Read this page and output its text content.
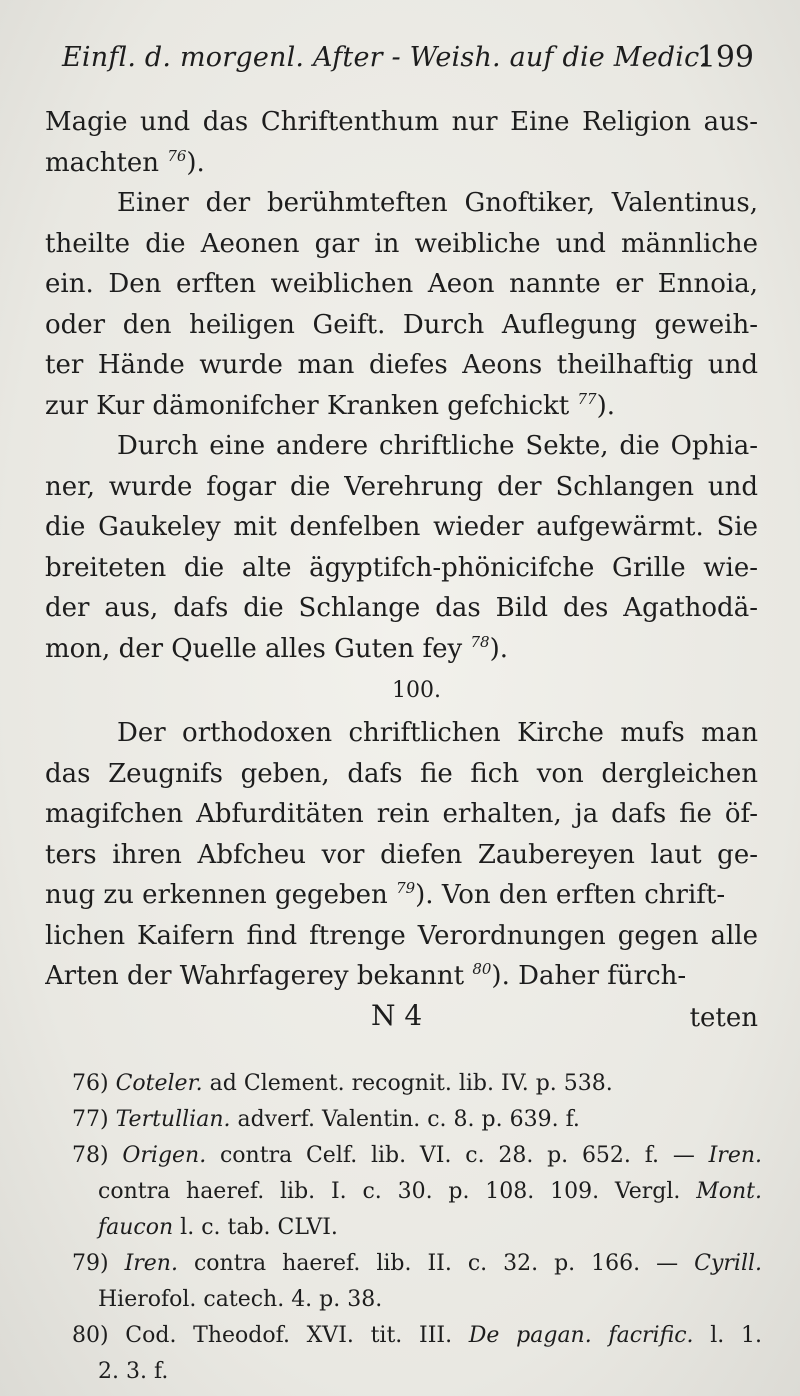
Einfl. d. morgenl. After - Weish. auf die Medic.
199
Magie und das Chriftenthum nur Eine Religion aus-
machten $^{76}$).
Einer der berühmteften Gnoftiker, Valentinus,
theilte die Aeonen gar in weibliche und männliche
ein. Den erften weiblichen Aeon nannte er Ennoia,
oder den heiligen Geift. Durch Auflegung geweih-
ter Hände wurde man diefes Aeons theilhaftig und
zur Kur dämonifcher Kranken gefchickt $^{77}$).
Durch eine andere chriftliche Sekte, die Ophia-
ner, wurde fogar die Verehrung der Schlangen und
die Gaukeley mit denfelben wieder aufgewärmt. Sie
breiteten die alte ägyptifch-phönicifche Grille wie-
der aus, dafs die Schlange das Bild des Agathodä-
mon, der Quelle alles Guten fey $^{78}$).
100.
Der orthodoxen chriftlichen Kirche mufs man
das Zeugnifs geben, dafs fie fich von dergleichen
magifchen Abfurditäten rein erhalten, ja dafs fie öf-
ters ihren Abfcheu vor diefen Zaubereyen laut ge-
nug zu erkennen gegeben $^{79}$). Von den erften chrift-
lichen Kaifern find ftrenge Verordnungen gegen alle
Arten der Wahrfagerey bekannt $^{80}$). Daher fürch-
N 4	teten
76) Coteler. ad Clement. recognit. lib. IV. p. 538.
77) Tertullian. adverf. Valentin. c. 8. p. 639. f.
78) Origen. contra Celf. lib. VI. c. 28. p. 652. f. — Iren.
contra haeref. lib. I. c. 30. p. 108. 109. Vergl. Mont.
faucon l. c. tab. CLVI.
79) Iren. contra haeref. lib. II. c. 32. p. 166. — Cyrill.
Hierofol. catech. 4. p. 38.
80) Cod. Theodof. XVI. tit. III. De pagan. facrific. l. 1.
2. 3. f.
